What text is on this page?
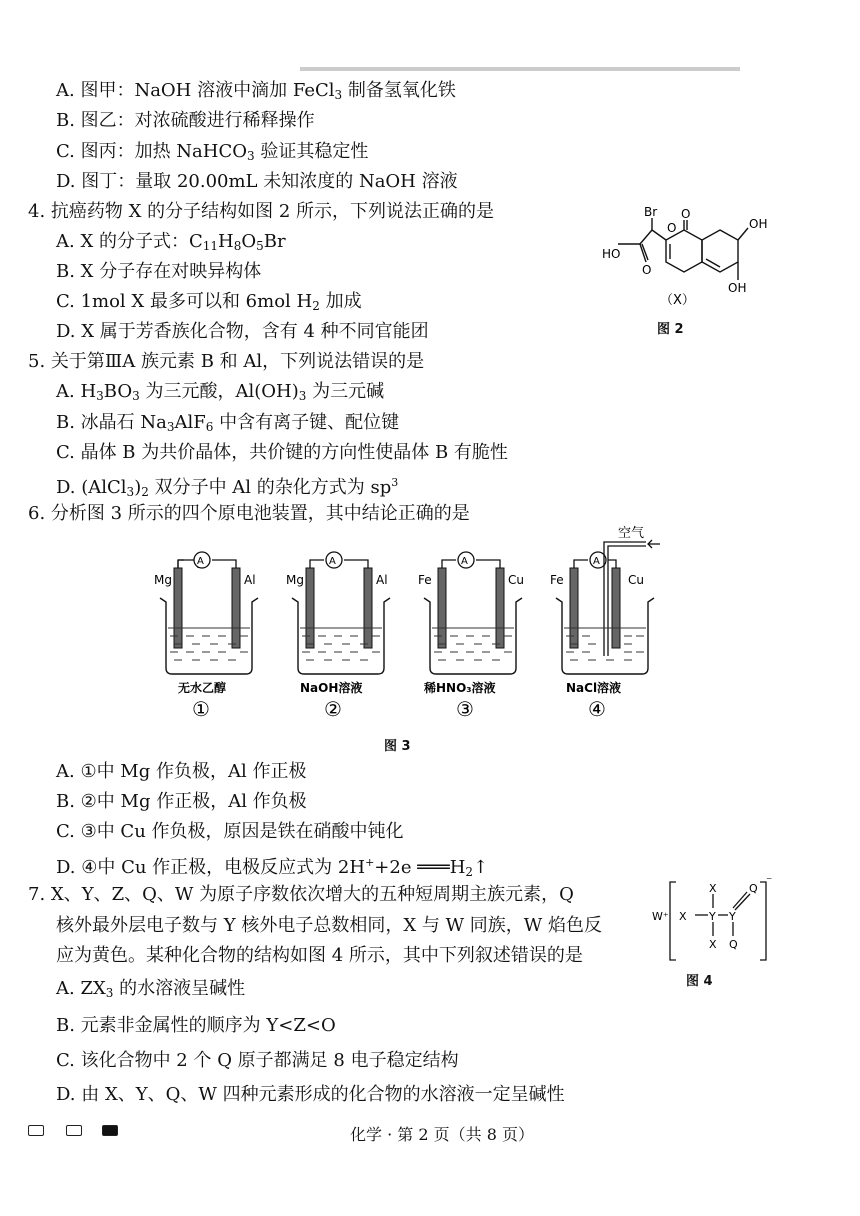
A. 图甲：NaOH 溶液中滴加 FeCl$_3$ 制备氢氧化铁
B. 图乙：对浓硫酸进行稀释操作
C. 图丙：加热 NaHCO$_3$ 验证其稳定性
D. 图丁：量取 20.00mL 未知浓度的 NaOH 溶液
4. 抗癌药物 X 的分子结构如图 2 所示，下列说法正确的是
A. X 的分子式：$C_{11}H_8O_5Br$
B. X 分子存在对映异构体
C. 1mol X 最多可以和 6mol $H_2$ 加成
D. X 属于芳香族化合物，含有 4 种不同官能团
Br
O
O
OH
HO
O
OH
（X）
图 2
5. 关于第ⅢA 族元素 B 和 Al，下列说法错误的是
A. $H_3BO_3$ 为三元酸，$Al(OH)_3$ 为三元碱
B. 冰晶石 $Na_3AlF_6$ 中含有离子键、配位键
C. 晶体 B 为共价晶体，共价键的方向性使晶体 B 有脆性
D. $(AlCl_3)_2$ 双分子中 Al 的杂化方式为 $sp^3$
6. 分析图 3 所示的四个原电池装置，其中结论正确的是
A
Mg	Al
无水乙醇
①
A
Mg	Al
NaOH溶液
②
A
Fe	Cu
稀HNO₃溶液
③
A
Fe	Cu
空气
NaCl溶液
④
图 3
A. ①中 Mg 作负极，Al 作正极
B. ②中 Mg 作正极，Al 作负极
C. ③中 Cu 作负极，原因是铁在硝酸中钝化
D. ④中 Cu 作正极，电极反应式为 2H++2e $═══H_2↑$
7. X、Y、Z、Q、W 为原子序数依次增大的五种短周期主族元素，Q
核外最外层电子数与 Y 核外电子总数相同，X 与 W 同族，W 焰色反
应为黄色。某种化合物的结构如图 4 所示，其中下列叙述错误的是
W⁺ X
X
X
Y Y
Q
Q
⁻
图 4
A. $ZX_3$ 的水溶液呈碱性
B. 元素非金属性的顺序为 Y<Z<O
C. 该化合物中 2 个 Q 原子都满足 8 电子稳定结构
D. 由 X、Y、Q、W 四种元素形成的化合物的水溶液一定呈碱性
化学 · 第 2 页（共 8 页）
